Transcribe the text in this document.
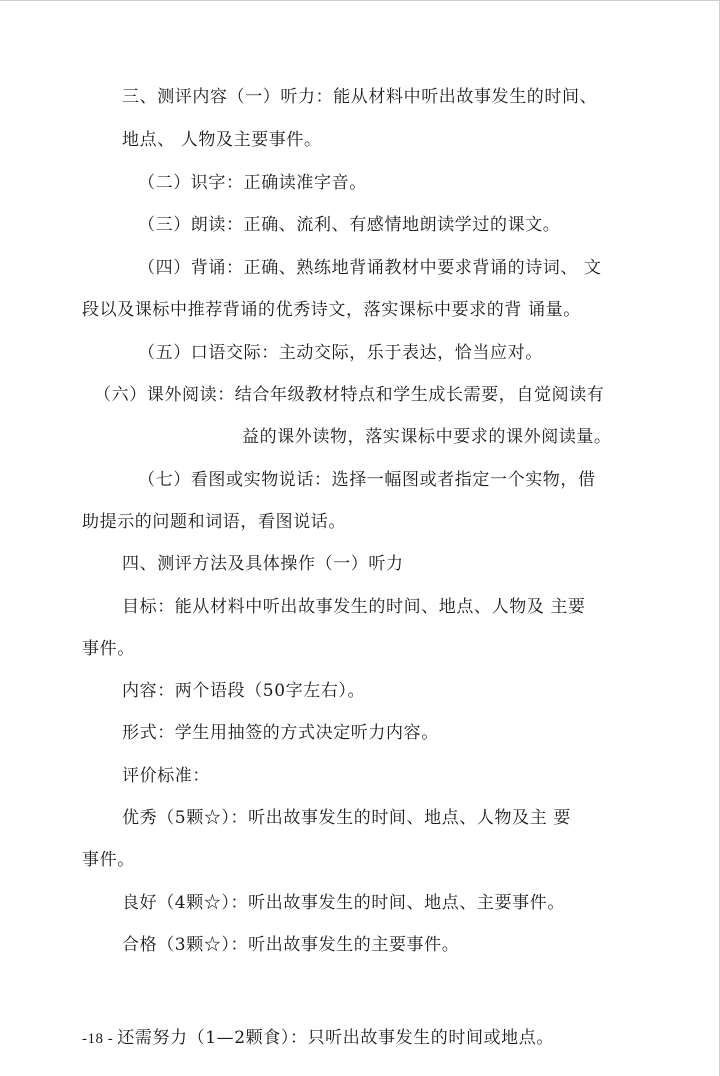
三、测评内容（一）听力：能从材料中听出故事发生的时间、
地点、 人物及主要事件。
（二）识字：正确读准字音。
（三）朗读：正确、流利、有感情地朗读学过的课文。
（四）背诵：正确、熟练地背诵教材中要求背诵的诗词、 文
段以及课标中推荐背诵的优秀诗文，落实课标中要求的背 诵量。
（五）口语交际：主动交际，乐于表达，恰当应对。
（六）课外阅读：结合年级教材特点和学生成长需要，自觉阅读有
益的课外读物，落实课标中要求的课外阅读量。
（七）看图或实物说话：选择一幅图或者指定一个实物，借
助提示的问题和词语，看图说话。
四、测评方法及具体操作（一）听力
目标：能从材料中听出故事发生的时间、地点、人物及 主要
事件。
内容：两个语段（50字左右）。
形式：学生用抽签的方式决定听力内容。
评价标准：
优秀（5颗☆）：听出故事发生的时间、地点、人物及主 要
事件。
良好（4颗☆）：听出故事发生的时间、地点、主要事件。
合格（3颗☆）：听出故事发生的主要事件。
-18 - 还需努力（1—2颗食）：只听出故事发生的时间或地点。
